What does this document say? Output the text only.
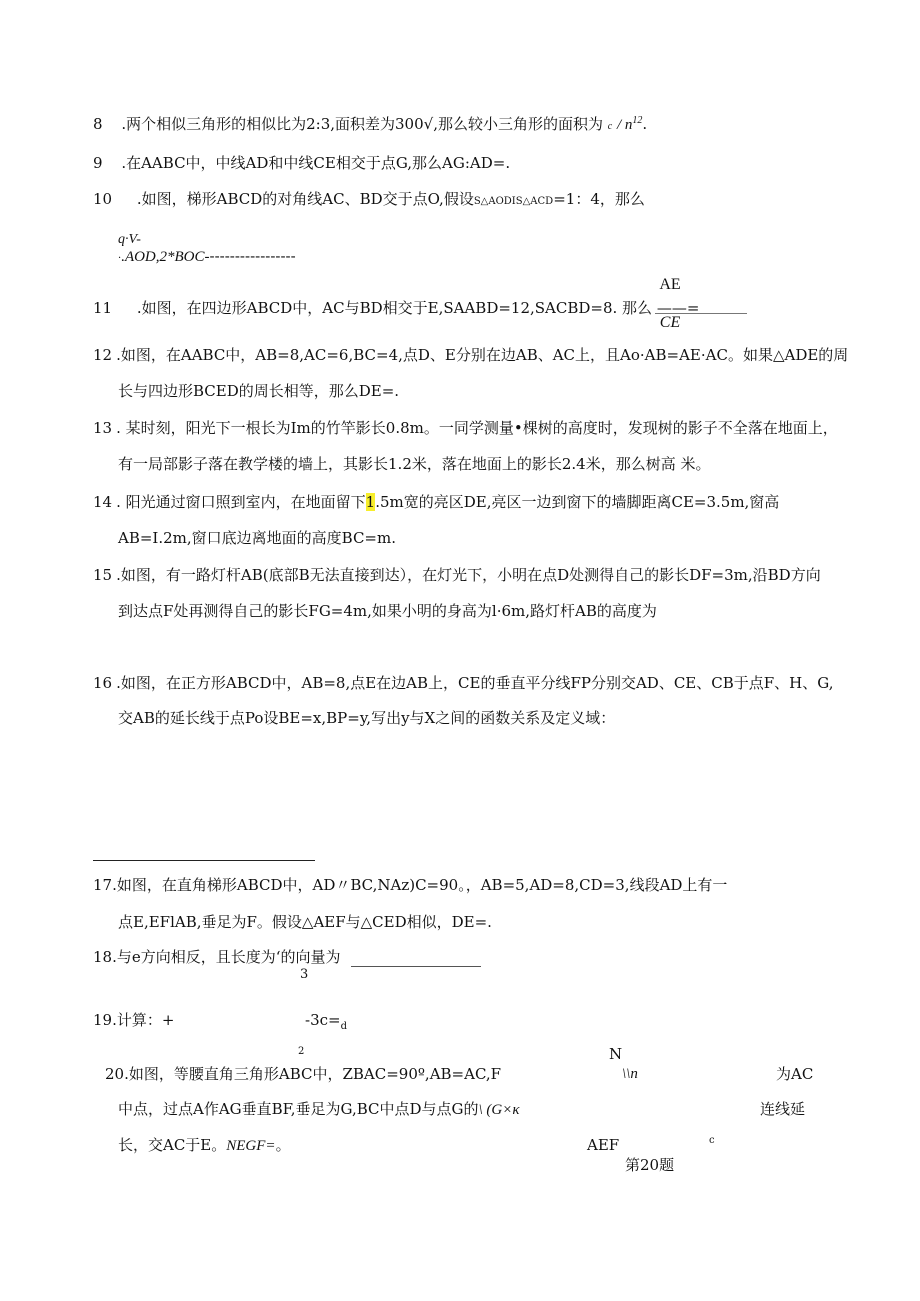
8 .两个相似三角形的相似比为2:3,面积差为300√,那么较小三角形的面积为 c / $n^{12}$.
9 .在AABC中，中线AD和中线CE相交于点G,那么AG:AD=.
10 .如图，梯形ABCD的对角线AC、BD交于点O,假设S△AODIS△ACD=1：4，那么
q·V-
·.AOD,2*BOC------------------
AE
11 .如图，在四边形ABCD中，AC与BD相交于E,SAABD=12,SACBD=8. 那么 ——=
CE
12 .如图，在AABC中，AB=8,AC=6,BC=4,点D、E分别在边AB、AC上，且Ao·AB=AE·AC。如果△ADE的周
长与四边形BCED的周长相等，那么DE=.
13 . 某时刻，阳光下一根长为Im的竹竿影长0.8m。一同学测量•棵树的高度时，发现树的影子不全落在地面上，
有一局部影子落在教学楼的墙上，其影长1.2米，落在地面上的影长2.4米，那么树高 米。
14 . 阳光通过窗口照到室内，在地面留下1.5m宽的亮区DE,亮区一边到窗下的墙脚距离CE=3.5m,窗高
AB=I.2m,窗口底边离地面的高度BC=m.
15 .如图，有一路灯杆AB(底部B无法直接到达），在灯光下，小明在点D处测得自己的影长DF=3m,沿BD方向
到达点F处再测得自己的影长FG=4m,如果小明的身高为l·6m,路灯杆AB的高度为
16 .如图，在正方形ABCD中，AB=8,点E在边AB上，CE的垂直平分线FP分别交AD、CE、CB于点F、H、G,
交AB的延长线于点Po设BE=x,BP=y,写出y与X之间的函数关系及定义域：
17.如图，在直角梯形ABCD中，AD〃BC,NAz)C=90。，AB=5,AD=8,CD=3,线段AD上有一
点E,EFlAB,垂足为F。假设△AEF与△CED相似，DE=.
18.与e方向相反，且长度为‘的向量为
3
19.计算：+	$-3c=_d$
2	N
20.如图，等腰直角三角形ABC中，ZBAC=90º,AB=AC,F	\\n	为AC
中点，过点A作AG垂直BF,垂足为G,BC中点D与点G的\ (G×κ	连线延
长，交AC于E。NEGF=。	AEF	c
第20题
